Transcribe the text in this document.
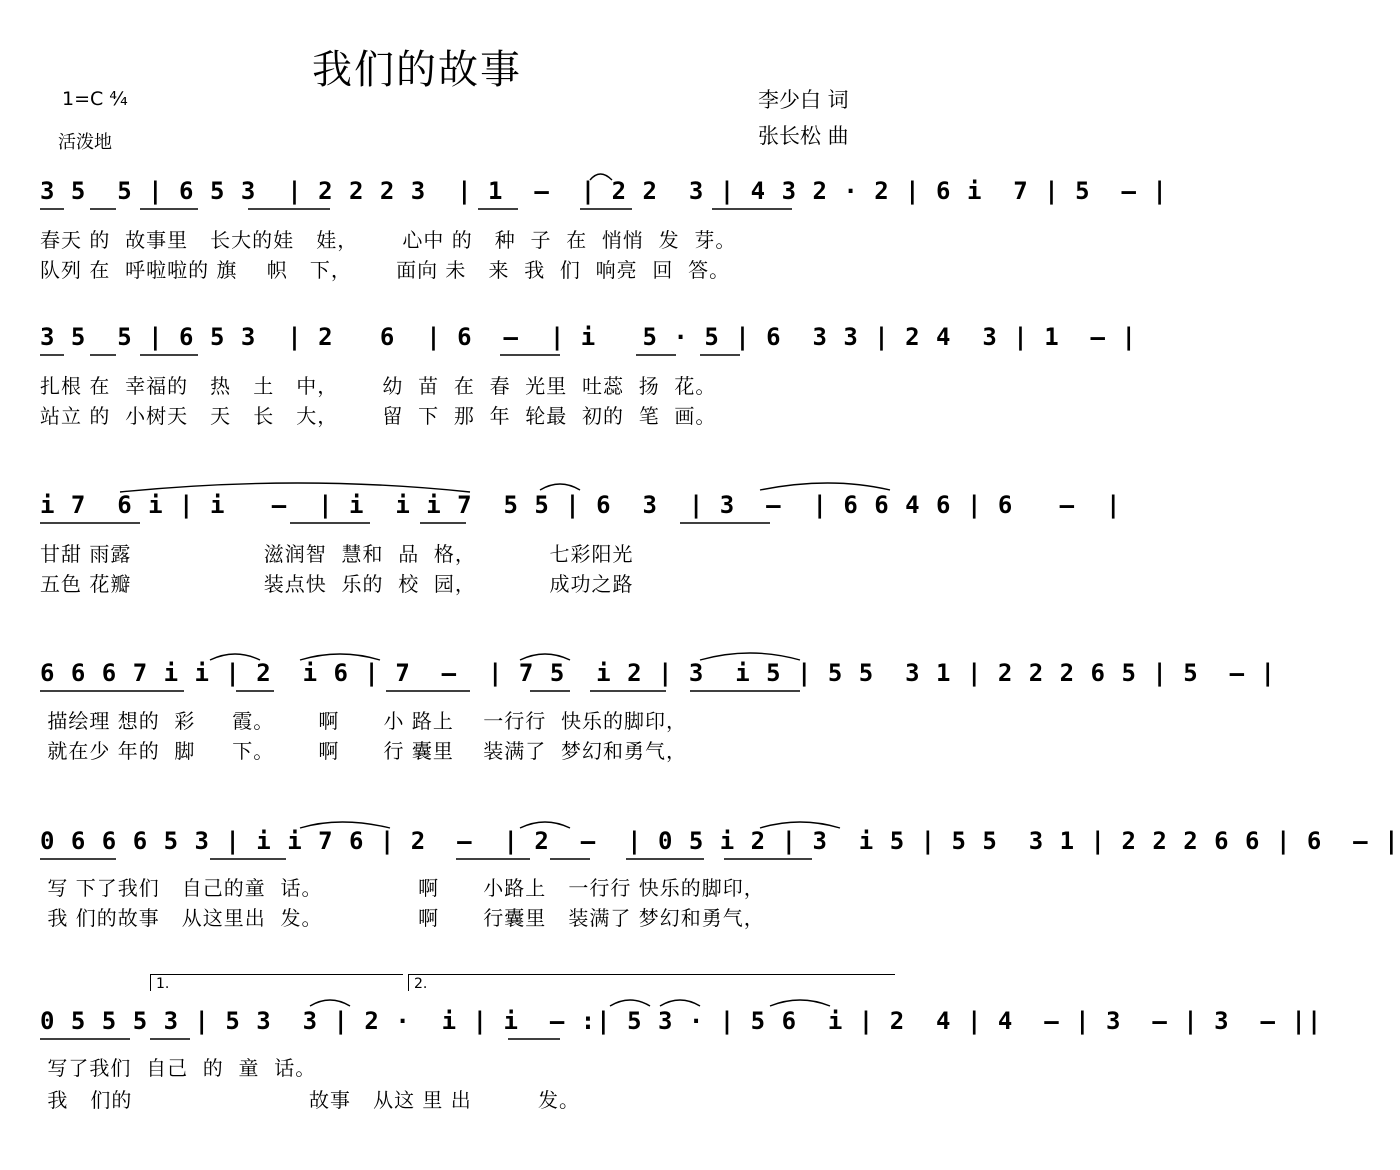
我们的故事
1=C ⁴⁄₄
活泼地
李少白 词
张长松 曲
3 5  5 | 6 5 3  | 2 2 2 3  | 1  –  | 2 2  3 | 4 3 2 · 2 | 6 i  7 | 5  – |
春天 的  故事里   长大的娃   娃，      心中 的   种  子  在  悄悄  发  芽。
队列 在  呼啦啦的 旗    帜   下，      面向 未   来  我  们  响亮  回  答。
3 5  5 | 6 5 3  | 2   6  | 6  –  | i   5 · 5 | 6  3 3 | 2 4  3 | 1  – |
扎根 在  幸福的   热   土   中，      幼  苗  在  春  光里  吐蕊  扬  花。
站立 的  小树天   天   长   大，      留  下  那  年  轮最  初的  笔  画。
i 7  6 i | i   –  | i  i i 7  5 5 | 6  3  | 3  –  | 6 6 4 6 | 6   –  |
甘甜 雨露                  滋润智  慧和  品  格，          七彩阳光
五色 花瓣                  装点快  乐的  校  园，          成功之路
6 6 6 7 i i | 2  i 6 | 7  –  | 7 5  i 2 | 3  i 5 | 5 5  3 1 | 2 2 2 6 5 | 5  – |
描绘理 想的  彩     霞。      啊      小 路上    一行行  快乐的脚印，
就在少 年的  脚     下。      啊      行 囊里    装满了  梦幻和勇气，
0 6 6 6 5 3 | i i 7 6 | 2  –  | 2  –  | 0 5 i 2 | 3  i 5 | 5 5  3 1 | 2 2 2 6 6 | 6  – |
写 下了我们   自己的童  话。             啊      小路上   一行行 快乐的脚印，
我 们的故事   从这里出  发。             啊      行囊里   装满了 梦幻和勇气，
1.	2.
0 5 5 5 3 | 5 3  3 | 2 ·  i | i  – :| 5 3 · | 5 6  i | 2  4 | 4  – | 3  – | 3  – ||
写了我们  自己  的  童  话。
我   们的                        故事   从这 里 出         发。
